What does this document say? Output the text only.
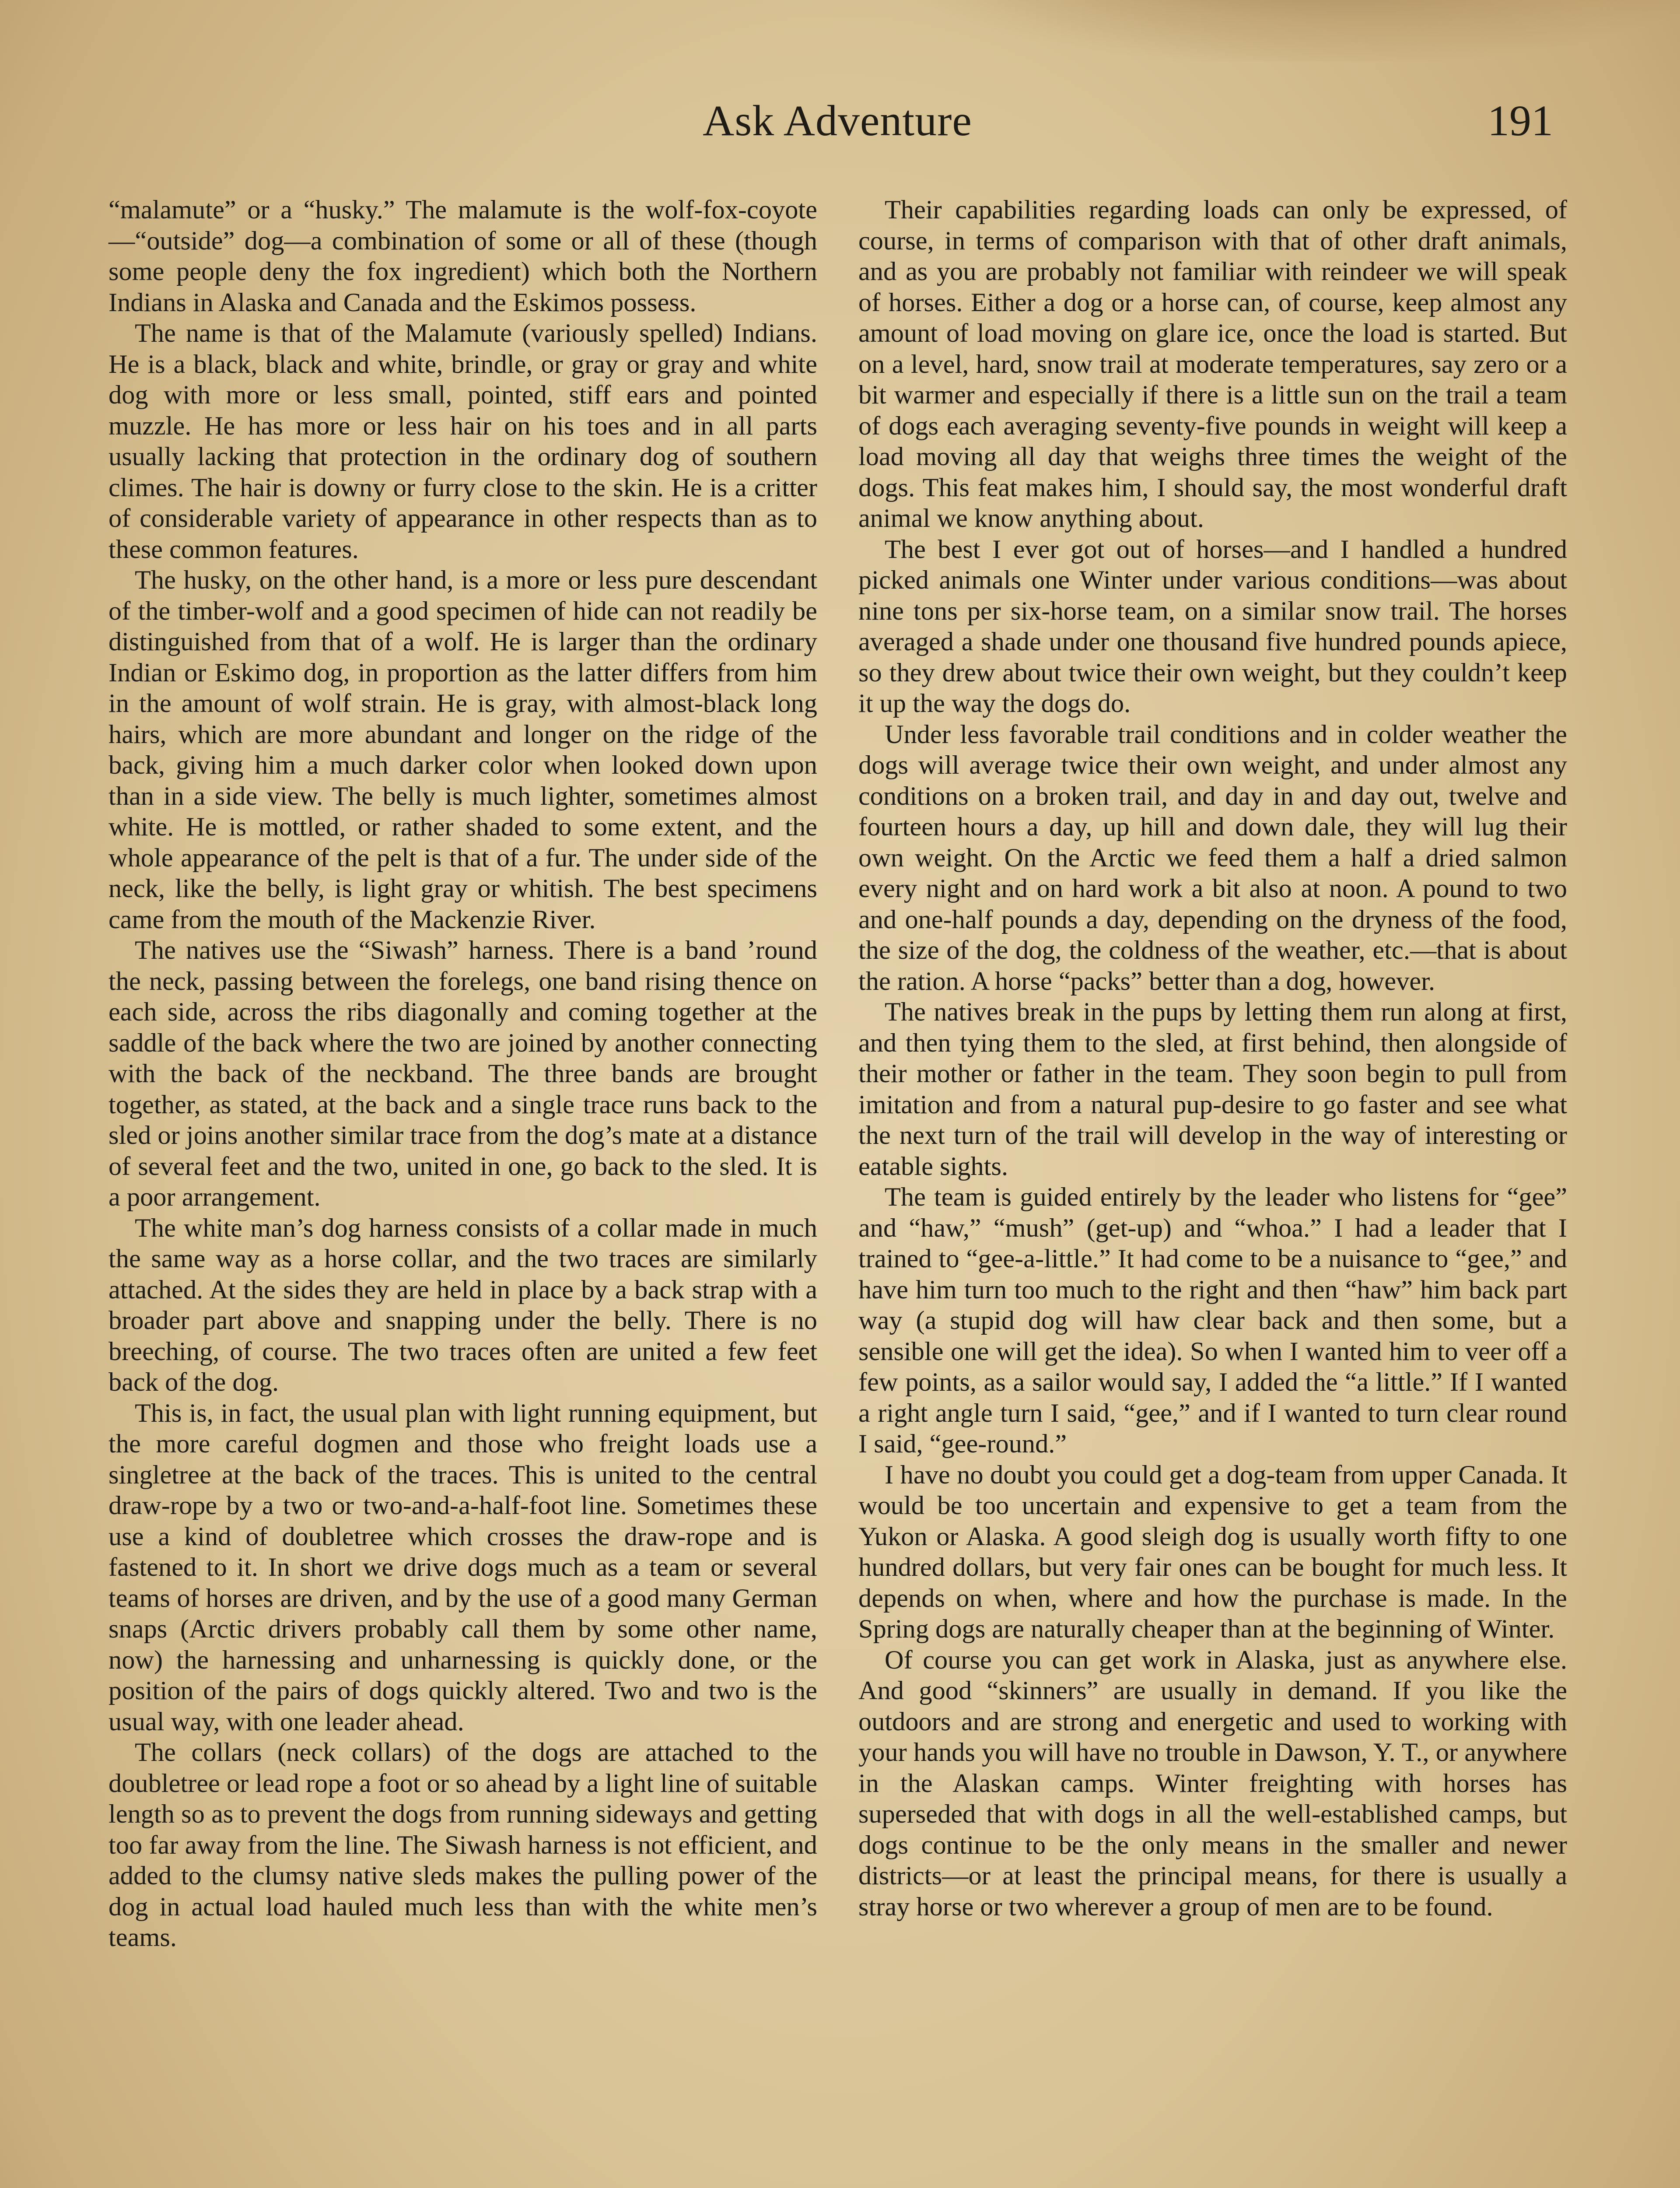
Ask Adventure	191

“malamute” or a “husky.” The malamute is the wolf-fox-coyote—“outside” dog—a combination of some or all of these (though some people deny the fox ingredient) which both the Northern Indians in Alaska and Canada and the Eskimos possess.

The name is that of the Malamute (variously spelled) Indians. He is a black, black and white, brindle, or gray or gray and white dog with more or less small, pointed, stiff ears and pointed muzzle. He has more or less hair on his toes and in all parts usually lacking that protection in the ordinary dog of southern climes. The hair is downy or furry close to the skin. He is a critter of considerable variety of appearance in other respects than as to these common features.

The husky, on the other hand, is a more or less pure descendant of the timber-wolf and a good specimen of hide can not readily be distinguished from that of a wolf. He is larger than the ordinary Indian or Eskimo dog, in proportion as the latter differs from him in the amount of wolf strain. He is gray, with almost-black long hairs, which are more abundant and longer on the ridge of the back, giving him a much darker color when looked down upon than in a side view. The belly is much lighter, sometimes almost white. He is mottled, or rather shaded to some extent, and the whole appearance of the pelt is that of a fur. The under side of the neck, like the belly, is light gray or whitish. The best specimens came from the mouth of the Mackenzie River.

The natives use the “Siwash” harness. There is a band ’round the neck, passing between the forelegs, one band rising thence on each side, across the ribs diagonally and coming together at the saddle of the back where the two are joined by another connecting with the back of the neckband. The three bands are brought together, as stated, at the back and a single trace runs back to the sled or joins another similar trace from the dog’s mate at a distance of several feet and the two, united in one, go back to the sled. It is a poor arrangement.

The white man’s dog harness consists of a collar made in much the same way as a horse collar, and the two traces are similarly attached. At the sides they are held in place by a back strap with a broader part above and snapping under the belly. There is no breeching, of course. The two traces often are united a few feet back of the dog.

This is, in fact, the usual plan with light running equipment, but the more careful dogmen and those who freight loads use a singletree at the back of the traces. This is united to the central draw-rope by a two or two-and-a-half-foot line. Sometimes these use a kind of doubletree which crosses the draw-rope and is fastened to it. In short we drive dogs much as a team or several teams of horses are driven, and by the use of a good many German snaps (Arctic drivers probably call them by some other name, now) the harnessing and unharnessing is quickly done, or the position of the pairs of dogs quickly altered. Two and two is the usual way, with one leader ahead.

The collars (neck collars) of the dogs are attached to the doubletree or lead rope a foot or so ahead by a light line of suitable length so as to prevent the dogs from running sideways and getting too far away from the line. The Siwash harness is not efficient, and added to the clumsy native sleds makes the pulling power of the dog in actual load hauled much less than with the white men’s teams.

Their capabilities regarding loads can only be expressed, of course, in terms of comparison with that of other draft animals, and as you are probably not familiar with reindeer we will speak of horses. Either a dog or a horse can, of course, keep almost any amount of load moving on glare ice, once the load is started. But on a level, hard, snow trail at moderate temperatures, say zero or a bit warmer and especially if there is a little sun on the trail a team of dogs each averaging seventy-five pounds in weight will keep a load moving all day that weighs three times the weight of the dogs. This feat makes him, I should say, the most wonderful draft animal we know anything about.

The best I ever got out of horses—and I handled a hundred picked animals one Winter under various conditions—was about nine tons per six-horse team, on a similar snow trail. The horses averaged a shade under one thousand five hundred pounds apiece, so they drew about twice their own weight, but they couldn’t keep it up the way the dogs do.

Under less favorable trail conditions and in colder weather the dogs will average twice their own weight, and under almost any conditions on a broken trail, and day in and day out, twelve and fourteen hours a day, up hill and down dale, they will lug their own weight. On the Arctic we feed them a half a dried salmon every night and on hard work a bit also at noon. A pound to two and one-half pounds a day, depending on the dryness of the food, the size of the dog, the coldness of the weather, etc.—that is about the ration. A horse “packs” better than a dog, however.

The natives break in the pups by letting them run along at first, and then tying them to the sled, at first behind, then alongside of their mother or father in the team. They soon begin to pull from imitation and from a natural pup-desire to go faster and see what the next turn of the trail will develop in the way of interesting or eatable sights.

The team is guided entirely by the leader who listens for “gee” and “haw,” “mush” (get-up) and “whoa.” I had a leader that I trained to “gee-a-little.” It had come to be a nuisance to “gee,” and have him turn too much to the right and then “haw” him back part way (a stupid dog will haw clear back and then some, but a sensible one will get the idea). So when I wanted him to veer off a few points, as a sailor would say, I added the “a little.” If I wanted a right angle turn I said, “gee,” and if I wanted to turn clear round I said, “gee-round.”

I have no doubt you could get a dog-team from upper Canada. It would be too uncertain and expensive to get a team from the Yukon or Alaska. A good sleigh dog is usually worth fifty to one hundred dollars, but very fair ones can be bought for much less. It depends on when, where and how the purchase is made. In the Spring dogs are naturally cheaper than at the beginning of Winter.

Of course you can get work in Alaska, just as anywhere else. And good “skinners” are usually in demand. If you like the outdoors and are strong and energetic and used to working with your hands you will have no trouble in Dawson, Y. T., or anywhere in the Alaskan camps. Winter freighting with horses has superseded that with dogs in all the well-established camps, but dogs continue to be the only means in the smaller and newer districts—or at least the principal means, for there is usually a stray horse or two wherever a group of men are to be found.
